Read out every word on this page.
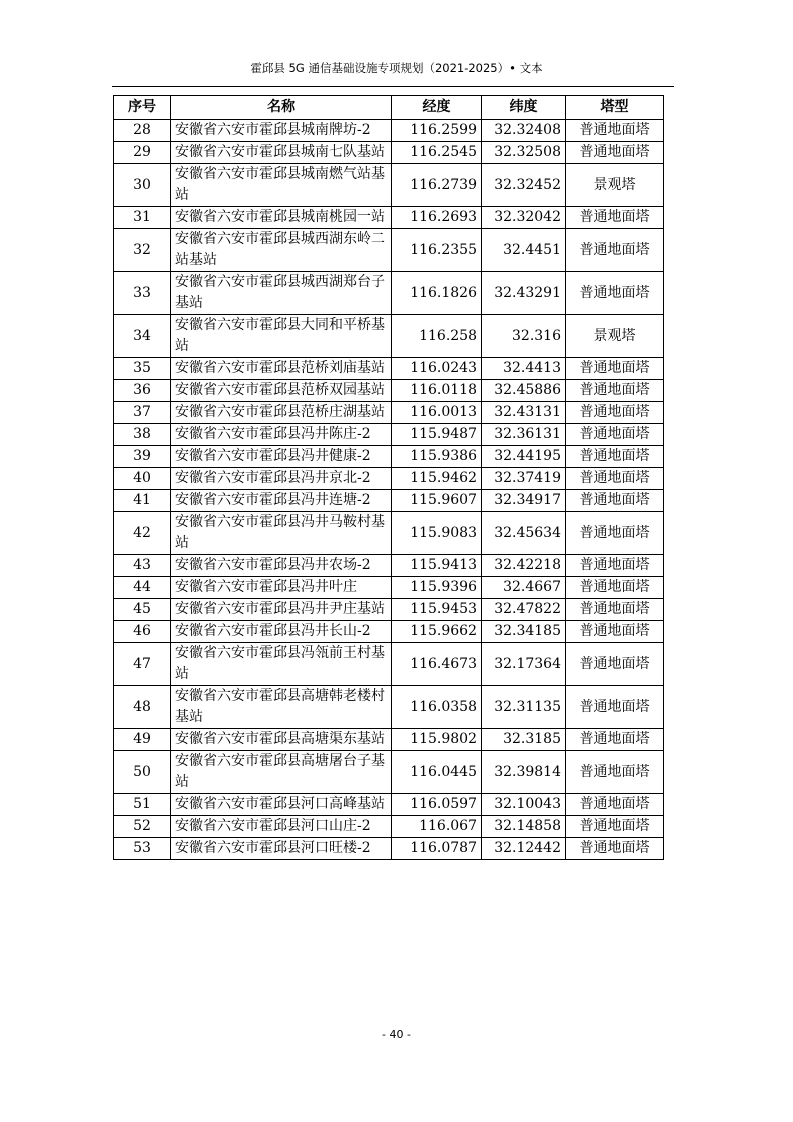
霍邱县 5G 通信基础设施专项规划（2021-2025）• 文本
序号	名称	经度	纬度	塔型
28	安徽省六安市霍邱县城南牌坊-2	116.2599	32.32408	普通地面塔
29	安徽省六安市霍邱县城南七队基站	116.2545	32.32508	普通地面塔
30	安徽省六安市霍邱县城南燃气站基站	116.2739	32.32452	景观塔
31	安徽省六安市霍邱县城南桃园一站	116.2693	32.32042	普通地面塔
32	安徽省六安市霍邱县城西湖东岭二站基站	116.2355	32.4451	普通地面塔
33	安徽省六安市霍邱县城西湖郑台子基站	116.1826	32.43291	普通地面塔
34	安徽省六安市霍邱县大同和平桥基站	116.258	32.316	景观塔
35	安徽省六安市霍邱县范桥刘庙基站	116.0243	32.4413	普通地面塔
36	安徽省六安市霍邱县范桥双园基站	116.0118	32.45886	普通地面塔
37	安徽省六安市霍邱县范桥庄湖基站	116.0013	32.43131	普通地面塔
38	安徽省六安市霍邱县冯井陈庄-2	115.9487	32.36131	普通地面塔
39	安徽省六安市霍邱县冯井健康-2	115.9386	32.44195	普通地面塔
40	安徽省六安市霍邱县冯井京北-2	115.9462	32.37419	普通地面塔
41	安徽省六安市霍邱县冯井连塘-2	115.9607	32.34917	普通地面塔
42	安徽省六安市霍邱县冯井马鞍村基站	115.9083	32.45634	普通地面塔
43	安徽省六安市霍邱县冯井农场-2	115.9413	32.42218	普通地面塔
44	安徽省六安市霍邱县冯井叶庄	115.9396	32.4667	普通地面塔
45	安徽省六安市霍邱县冯井尹庄基站	115.9453	32.47822	普通地面塔
46	安徽省六安市霍邱县冯井长山-2	115.9662	32.34185	普通地面塔
47	安徽省六安市霍邱县冯瓴前王村基站	116.4673	32.17364	普通地面塔
48	安徽省六安市霍邱县高塘韩老楼村基站	116.0358	32.31135	普通地面塔
49	安徽省六安市霍邱县高塘渠东基站	115.9802	32.3185	普通地面塔
50	安徽省六安市霍邱县高塘屠台子基站	116.0445	32.39814	普通地面塔
51	安徽省六安市霍邱县河口高峰基站	116.0597	32.10043	普通地面塔
52	安徽省六安市霍邱县河口山庄-2	116.067	32.14858	普通地面塔
53	安徽省六安市霍邱县河口旺楼-2	116.0787	32.12442	普通地面塔
- 40 -
